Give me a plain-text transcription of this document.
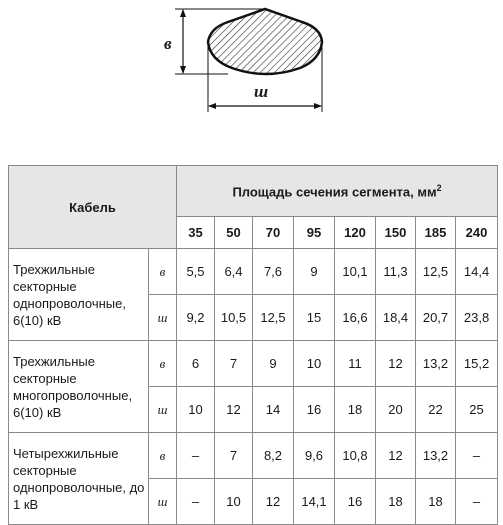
в
ш
Кабель		Площадь сечения сегмента, $мм^2$
		35	50	70	95	120	150	185	240
Трехжильные секторные однопроволочные, 6(10) кВ	в	5,5	6,4	7,6	9	10,1	11,3	12,5	14,4
	ш	9,2	10,5	12,5	15	16,6	18,4	20,7	23,8
Трехжильные секторные многопроволочные, 6(10) кВ	в	6	7	9	10	11	12	13,2	15,2
	ш	10	12	14	16	18	20	22	25
Четырехжильные секторные однопроволочные, до 1 кВ	в	–	7	8,2	9,6	10,8	12	13,2	–
	ш	–	10	12	14,1	16	18	18	–
